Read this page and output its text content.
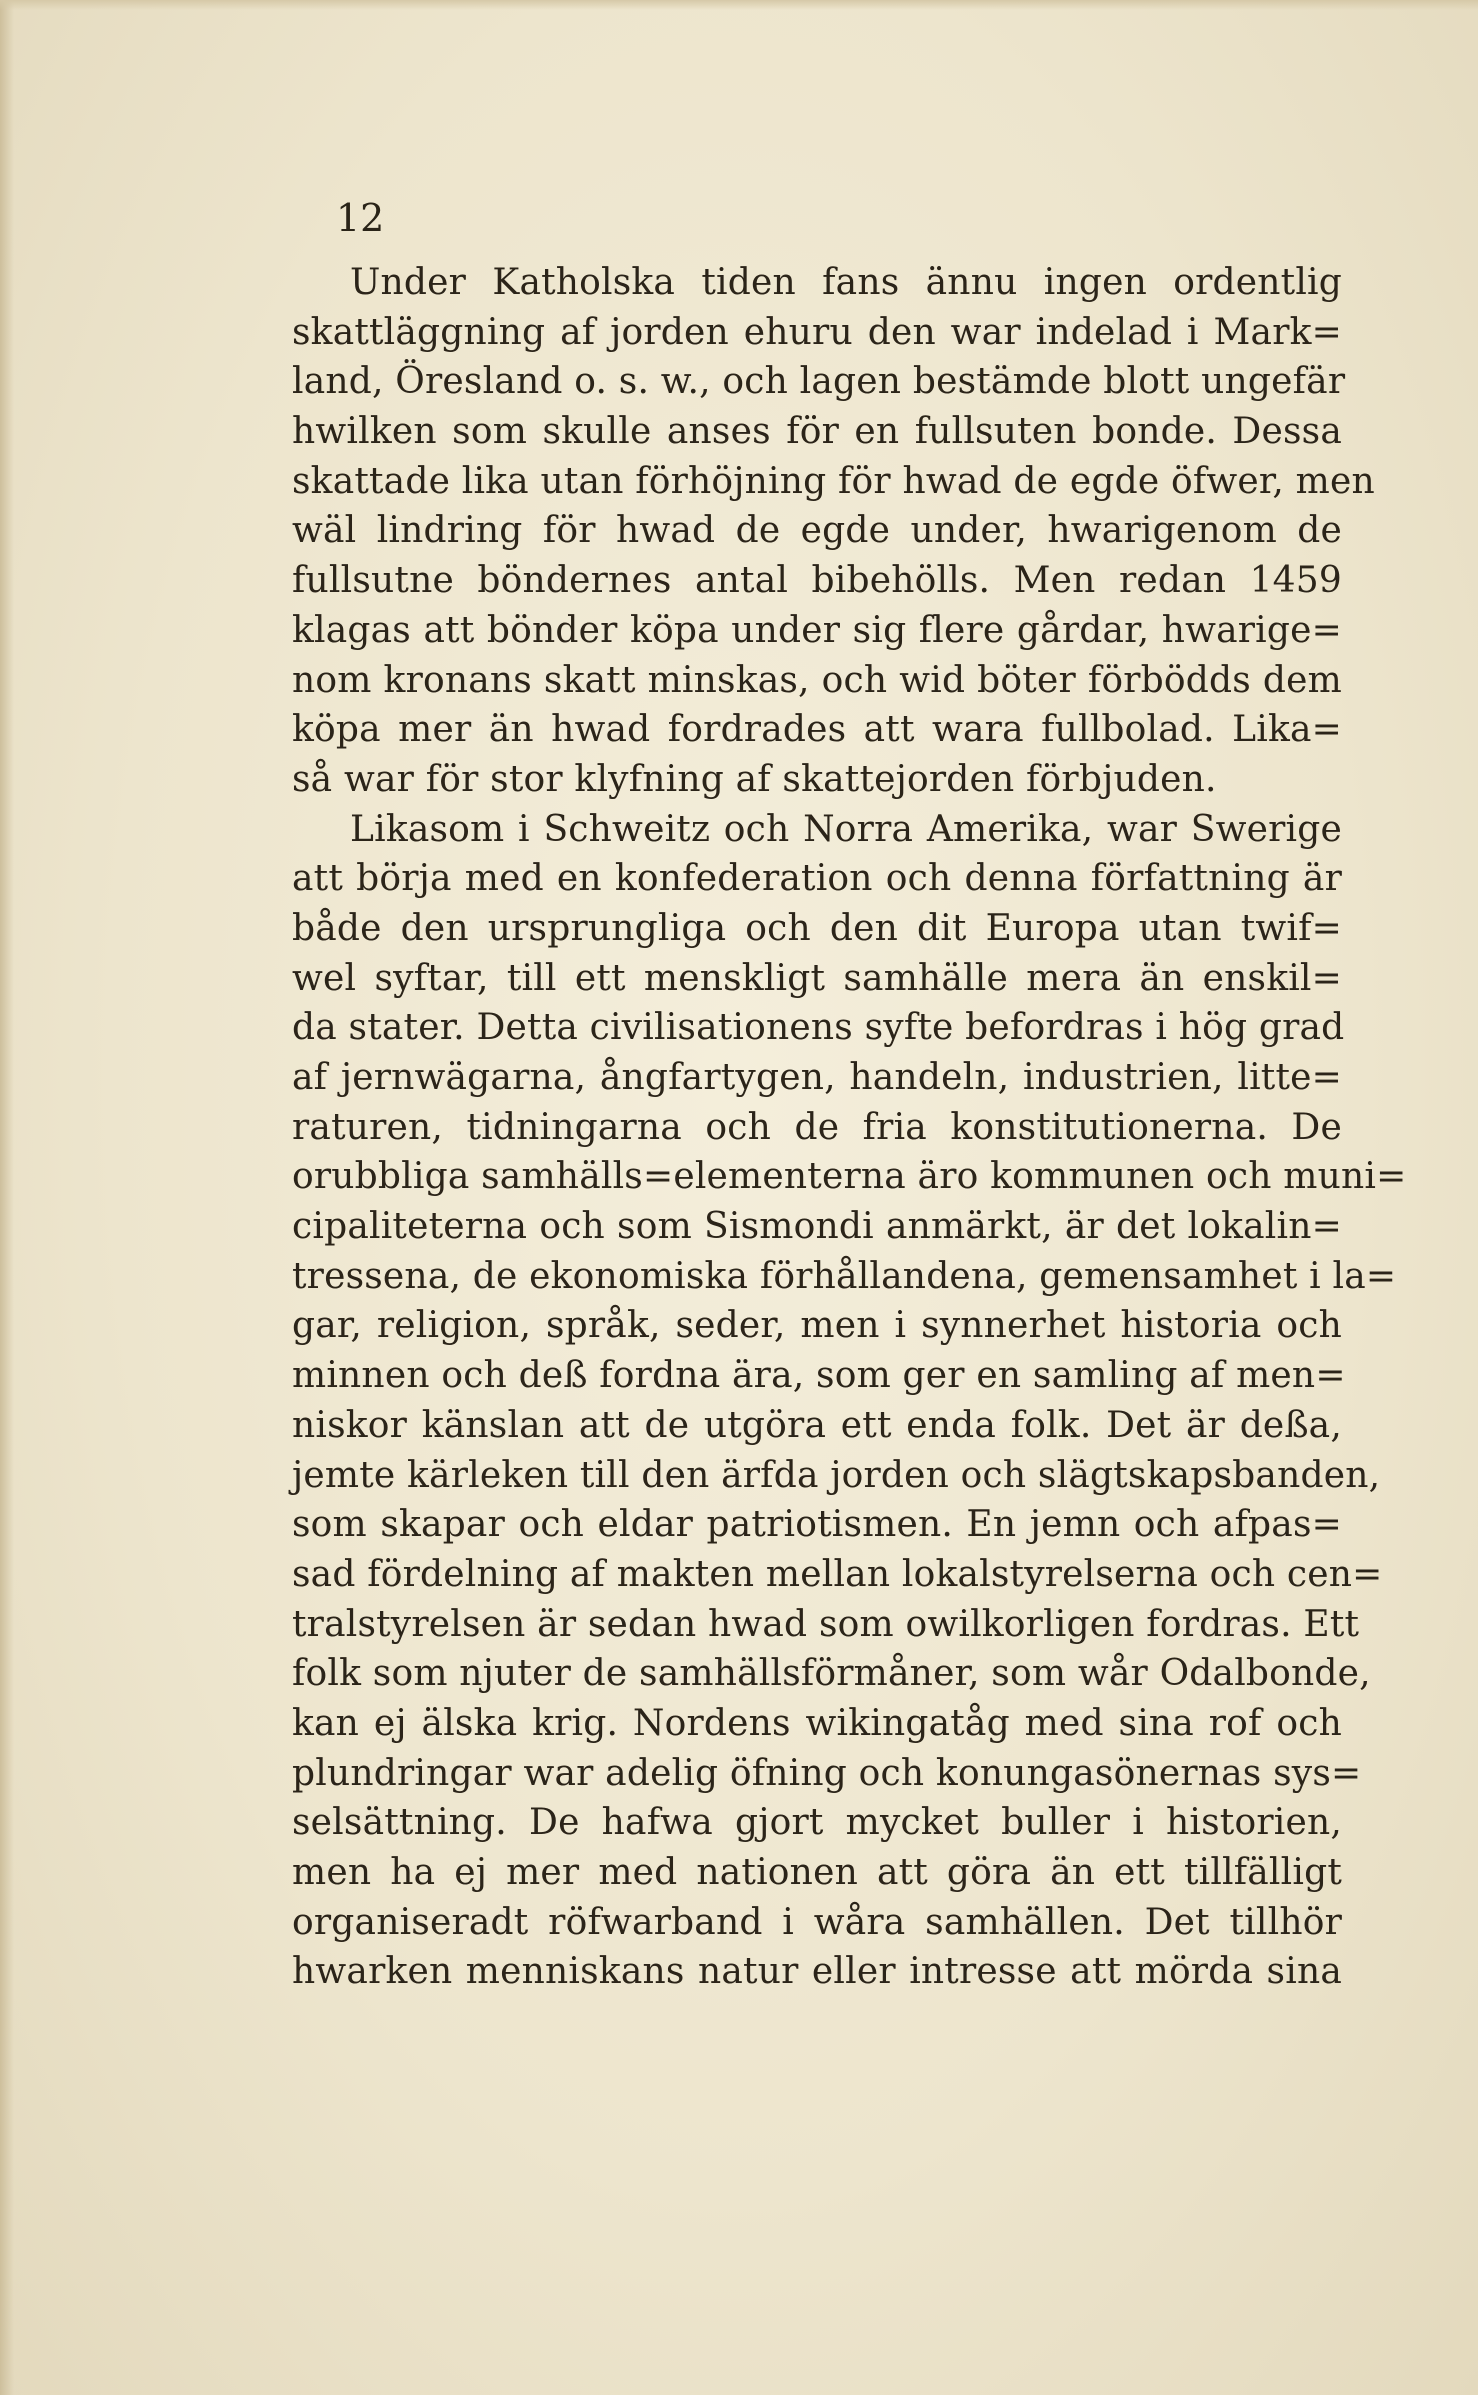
12

Under Katholska tiden fans ännu ingen ordentlig
skattläggning af jorden ehuru den war indelad i Mark=
land, Öresland o. s. w., och lagen bestämde blott ungefär
hwilken som skulle anses för en fullsuten bonde. Dessa
skattade lika utan förhöjning för hwad de egde öfwer, men
wäl lindring för hwad de egde under, hwarigenom de
fullsutne böndernes antal bibehölls. Men redan 1459
klagas att bönder köpa under sig flere gårdar, hwarige=
nom kronans skatt minskas, och wid böter förbödds dem
köpa mer än hwad fordrades att wara fullbolad. Lika=
så war för stor klyfning af skattejorden förbjuden.
Likasom i Schweitz och Norra Amerika, war Swerige
att börja med en konfederation och denna författning är
både den ursprungliga och den dit Europa utan twif=
wel syftar, till ett menskligt samhälle mera än enskil=
da stater. Detta civilisationens syfte befordras i hög grad
af jernwägarna, ångfartygen, handeln, industrien, litte=
raturen, tidningarna och de fria konstitutionerna. De
orubbliga samhälls=elementerna äro kommunen och muni=
cipaliteterna och som Sismondi anmärkt, är det lokalin=
tressena, de ekonomiska förhållandena, gemensamhet i la=
gar, religion, språk, seder, men i synnerhet historia och
minnen och deß fordna ära, som ger en samling af men=
niskor känslan att de utgöra ett enda folk. Det är deßa,
jemte kärleken till den ärfda jorden och slägtskapsbanden,
som skapar och eldar patriotismen. En jemn och afpas=
sad fördelning af makten mellan lokalstyrelserna och cen=
tralstyrelsen är sedan hwad som owilkorligen fordras. Ett
folk som njuter de samhällsförmåner, som wår Odalbonde,
kan ej älska krig. Nordens wikingatåg med sina rof och
plundringar war adelig öfning och konungasönernas sys=
selsättning. De hafwa gjort mycket buller i historien,
men ha ej mer med nationen att göra än ett tillfälligt
organiseradt röfwarband i wåra samhällen. Det tillhör
hwarken menniskans natur eller intresse att mörda sina
